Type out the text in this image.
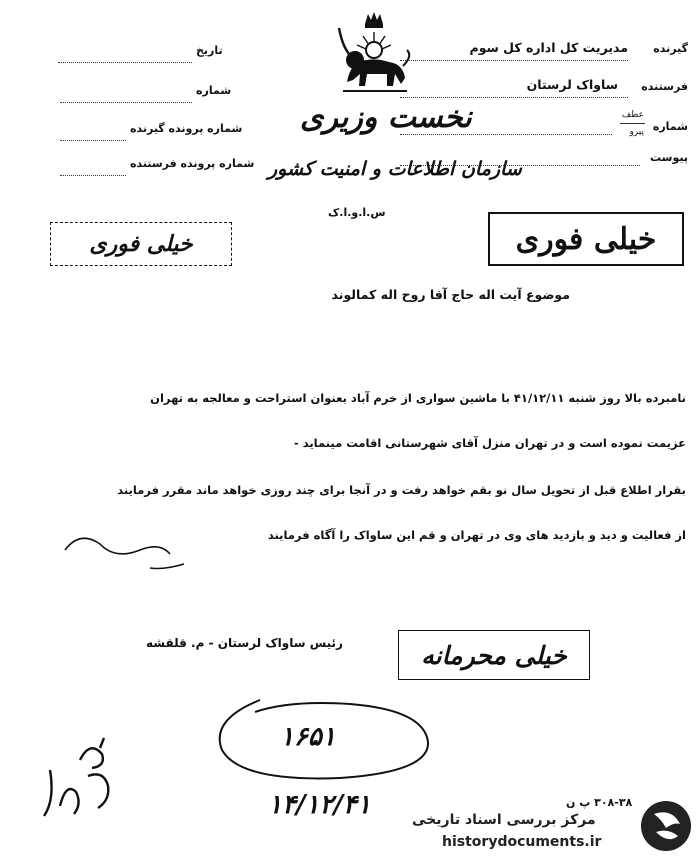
گیرنده
مدیریت کل اداره کل سوم
فرستنده
ساواک لرستان
شماره
عطف
پیرو
پیوست
تاریخ
شماره
شماره پرونده گیرنده
شماره پرونده فرستنده
نخست وزیری
سازمان اطلاعات و امنیت کشور
س.ا.و.ا.ک
خیلی فوری
خیلی فوری
موضوع آیت اله حاج آقا روح اله کمالوند
نامبرده بالا روز شنبه ۴۱/۱۲/۱۱ با ماشین سواری از خرم آباد بعنوان استراحت و معالجه به تهران
عزیمت نموده است و در تهران منزل آقای شهرستانی اقامت مینماید -
بقرار اطلاع قبل از تحویل سال نو بقم خواهد رفت و در آنجا برای چند روزی خواهد ماند مقرر فرمایند
از فعالیت و دید و بازدید های وی در تهران و قم این ساواک را آگاه فرمایند
رئیس ساواک لرستان - م. قلقشه	خیلی محرمانه
۱۶۵۱
۱۴/۱۲/۴۱	۳۰۸-۳۸ پ ن
مرکز بررسی اسناد تاریخی
historydocuments.ir
